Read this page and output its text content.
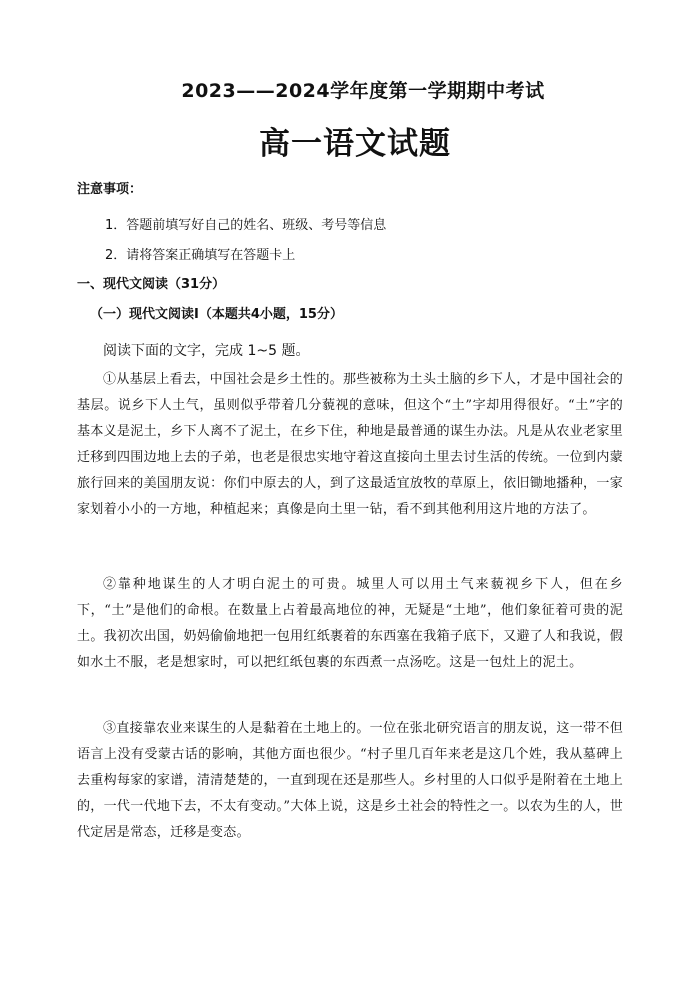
2023——2024学年度第一学期期中考试
高一语文试题
注意事项：
1．答题前填写好自己的姓名、班级、考号等信息
2．请将答案正确填写在答题卡上
一、现代文阅读（31分）
（一）现代文阅读Ⅰ（本题共4小题，15分）
阅读下面的文字，完成 1~5 题。
①从基层上看去，中国社会是乡土性的。那些被称为土头土脑的乡下人，才是中国社会的基层。说乡下人土气，虽则似乎带着几分藐视的意味，但这个“土”字却用得很好。“土”字的基本义是泥土，乡下人离不了泥土，在乡下住，种地是最普通的谋生办法。凡是从农业老家里迁移到四围边地上去的子弟，也老是很忠实地守着这直接向土里去讨生活的传统。一位到内蒙旅行回来的美国朋友说：你们中原去的人，到了这最适宜放牧的草原上，依旧锄地播种，一家家划着小小的一方地，种植起来；真像是向土里一钻，看不到其他利用这片地的方法了。
②靠种地谋生的人才明白泥土的可贵。城里人可以用土气来藐视乡下人，但在乡下，“土”是他们的命根。在数量上占着最高地位的神，无疑是“土地”，他们象征着可贵的泥土。我初次出国，奶妈偷偷地把一包用红纸裹着的东西塞在我箱子底下，又避了人和我说，假如水土不服，老是想家时，可以把红纸包裹的东西煮一点汤吃。这是一包灶上的泥土。
③直接靠农业来谋生的人是黏着在土地上的。一位在张北研究语言的朋友说，这一带不但语言上没有受蒙古话的影响，其他方面也很少。“村子里几百年来老是这几个姓，我从墓碑上去重构每家的家谱，清清楚楚的，一直到现在还是那些人。乡村里的人口似乎是附着在土地上的，一代一代地下去，不太有变动。”大体上说，这是乡土社会的特性之一。以农为生的人，世代定居是常态，迁移是变态。
